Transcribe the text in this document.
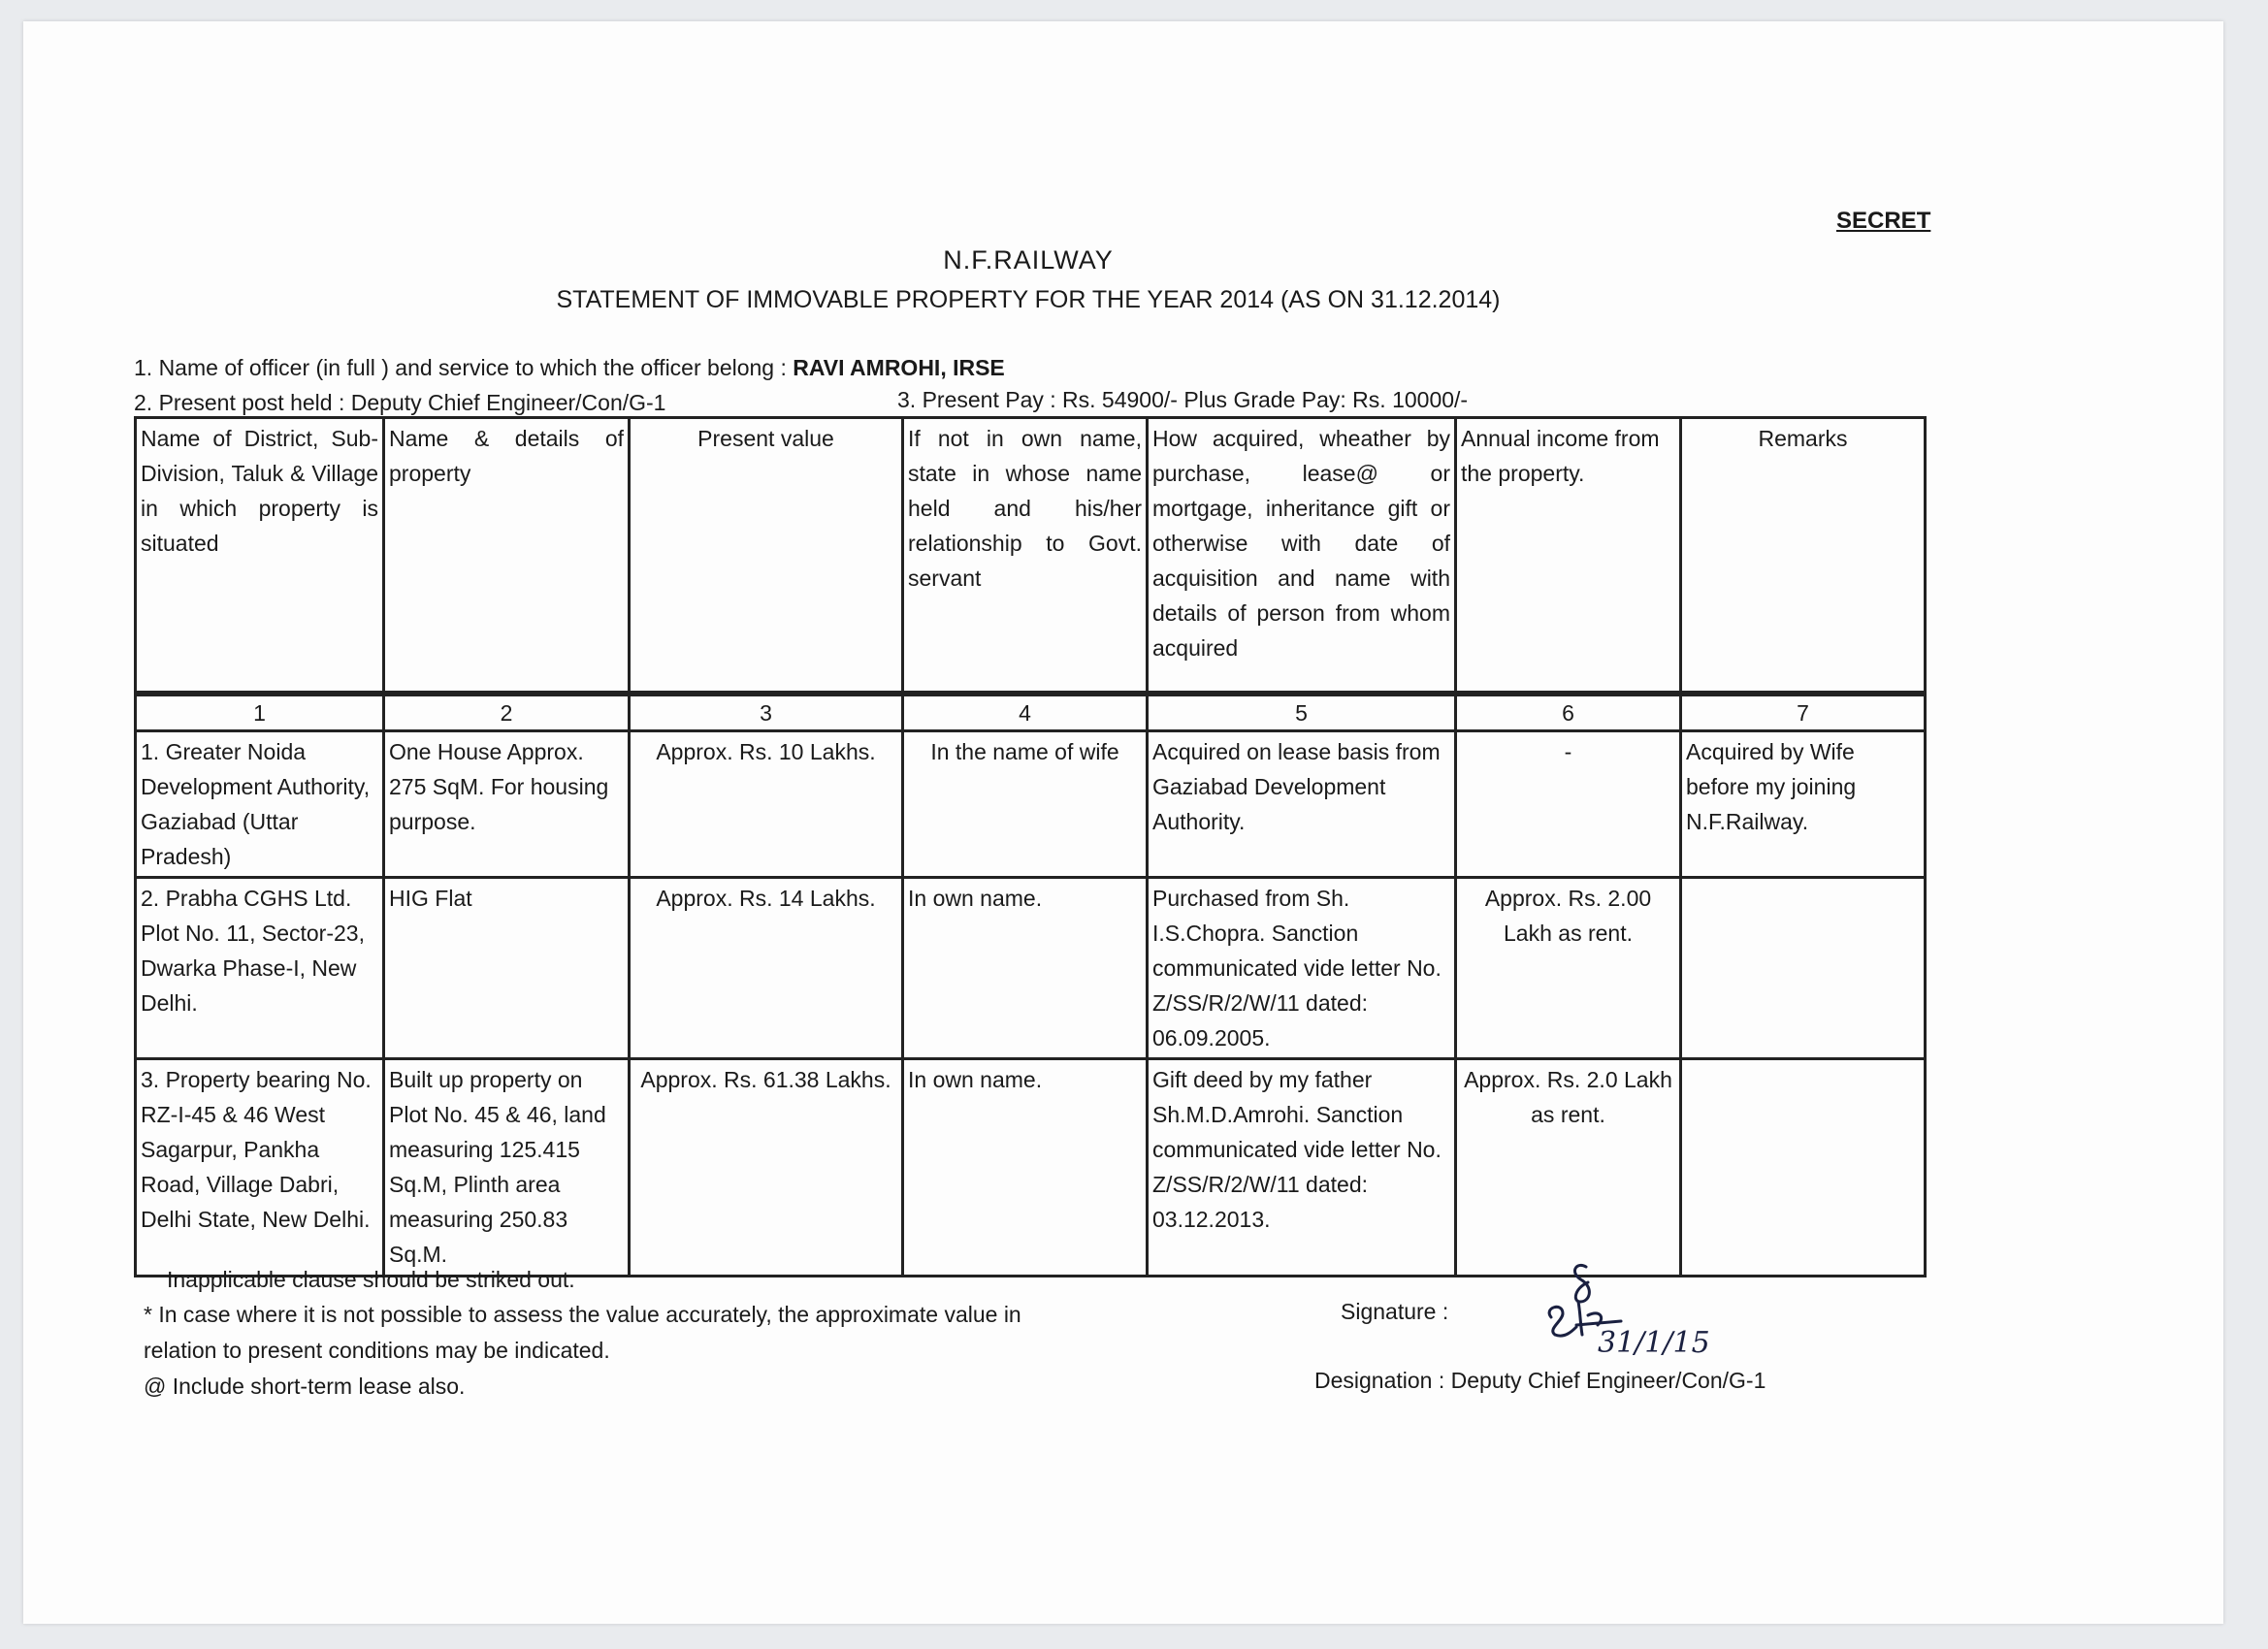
SECRET
N.F.RAILWAY
STATEMENT OF IMMOVABLE PROPERTY FOR THE YEAR 2014 (AS ON 31.12.2014)
1. Name of officer (in full ) and service to which the officer belong : RAVI AMROHI, IRSE
2. Present post held : Deputy Chief Engineer/Con/G-1	3. Present Pay : Rs. 54900/- Plus Grade Pay: Rs. 10000/-
Name of District, Sub-Division, Taluk & Village in which property is situated	Name & details of property	Present value	If not in own name, state in whose name held and his/her relationship to Govt. servant	How acquired, wheather by purchase, lease@ or mortgage, inheritance gift or otherwise with date of acquisition and name with details of person from whom acquired	Annual income from the property.	Remarks

1	2	3	4	5	6	7
1. Greater Noida Development Authority, Gaziabad (Uttar Pradesh)	One House Approx. 275 SqM. For housing purpose.	Approx. Rs. 10 Lakhs.	In the name of wife	Acquired on lease basis from Gaziabad Development Authority.	-	Acquired by Wife before my joining N.F.Railway.
2. Prabha CGHS Ltd. Plot No. 11, Sector-23, Dwarka Phase-I, New Delhi.	HIG Flat	Approx. Rs. 14 Lakhs.	In own name.	Purchased from Sh. I.S.Chopra. Sanction communicated vide letter No. Z/SS/R/2/W/11 dated: 06.09.2005.	Approx. Rs. 2.00 Lakh as rent.	
3. Property bearing No. RZ-I-45 & 46 West Sagarpur, Pankha Road, Village Dabri, Delhi State, New Delhi.	Built up property on Plot No. 45 & 46, land measuring 125.415 Sq.M, Plinth area measuring 250.83 Sq.M.	Approx. Rs. 61.38 Lakhs.	In own name.	Gift deed by my father Sh.M.D.Amrohi. Sanction communicated vide letter No. Z/SS/R/2/W/11 dated: 03.12.2013.	Approx. Rs. 2.0 Lakh as rent.	
Inapplicable clause should be striked out.
* In case where it is not possible to assess the value accurately, the approximate value in
relation to present conditions may be indicated.
@ Include short-term lease also.
Signature :
31/1/15
Designation : Deputy Chief Engineer/Con/G-1
